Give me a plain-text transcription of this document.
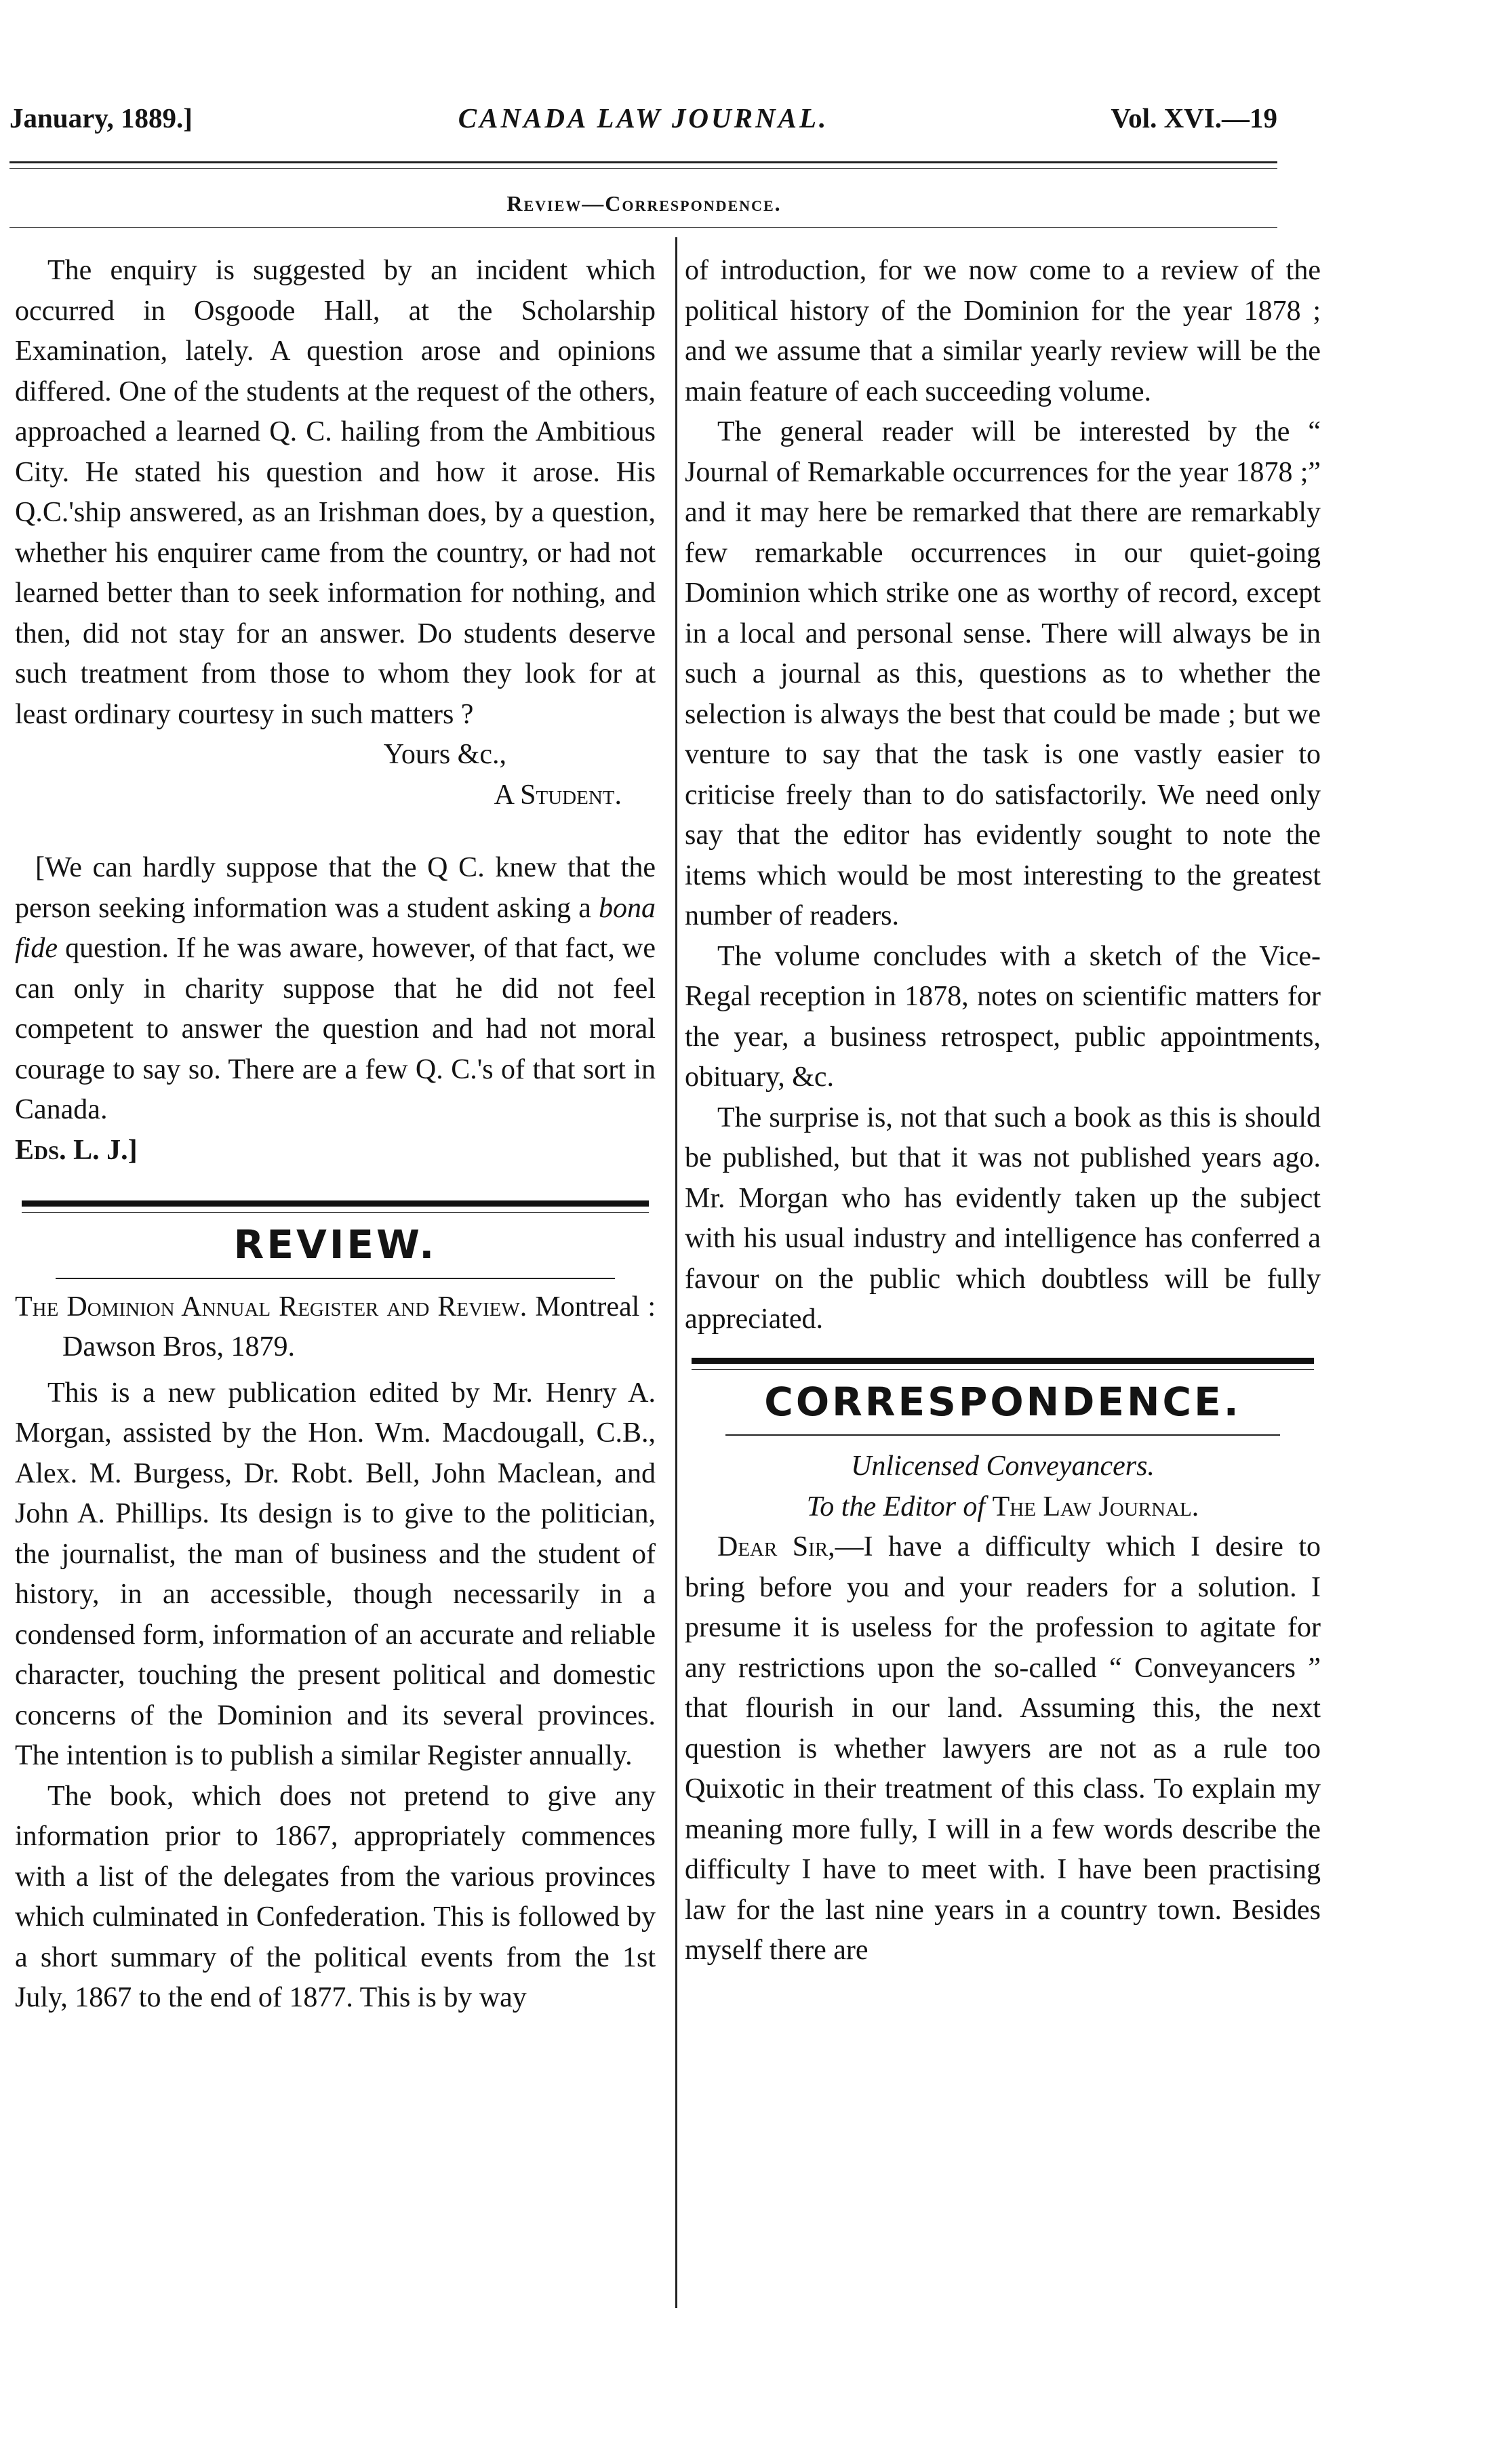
January, 1889.]	CANADA LAW JOURNAL.	Vol. XVI.—19
Review—Correspondence.

The enquiry is suggested by an incident which occurred in Osgoode Hall, at the Scholarship Examination, lately. A question arose and opinions differed. One of the students at the request of the others, approached a learned Q. C. hailing from the Ambitious City. He stated his question and how it arose. His Q.C.'ship answered, as an Irishman does, by a question, whether his enquirer came from the country, or had not learned better than to seek information for nothing, and then, did not stay for an answer. Do students deserve such treatment from those to whom they look for at least ordinary courtesy in such matters ?

Yours &c.,
A Student.

[We can hardly suppose that the Q C. knew that the person seeking information was a student asking a bona fide question. If he was aware, however, of that fact, we can only in charity suppose that he did not feel competent to answer the question and had not moral courage to say so. There are a few Q. C.'s of that sort in Canada.
Eds. L. J.]

REVIEW.

The Dominion Annual Register and Review. Montreal : Dawson Bros, 1879.

This is a new publication edited by Mr. Henry A. Morgan, assisted by the Hon. Wm. Macdougall, C.B., Alex. M. Burgess, Dr. Robt. Bell, John Maclean, and John A. Phillips. Its design is to give to the politician, the journalist, the man of business and the student of history, in an accessible, though necessarily in a condensed form, information of an accurate and reliable character, touching the present political and domestic concerns of the Dominion and its several provinces. The intention is to publish a similar Register annually.

The book, which does not pretend to give any information prior to 1867, appropriately commences with a list of the delegates from the various provinces which culminated in Confederation. This is followed by a short summary of the political events from the 1st July, 1867 to the end of 1877. This is by way

of introduction, for we now come to a review of the political history of the Dominion for the year 1878 ; and we assume that a similar yearly review will be the main feature of each succeeding volume.

The general reader will be interested by the “ Journal of Remarkable occurrences for the year 1878 ;” and it may here be remarked that there are remarkably few remarkable occurrences in our quiet-going Dominion which strike one as worthy of record, except in a local and personal sense. There will always be in such a journal as this, questions as to whether the selection is always the best that could be made ; but we venture to say that the task is one vastly easier to criticise freely than to do satisfactorily. We need only say that the editor has evidently sought to note the items which would be most interesting to the greatest number of readers.

The volume concludes with a sketch of the Vice-Regal reception in 1878, notes on scientific matters for the year, a business retrospect, public appointments, obituary, &c.

The surprise is, not that such a book as this is should be published, but that it was not published years ago. Mr. Morgan who has evidently taken up the subject with his usual industry and intelligence has conferred a favour on the public which doubtless will be fully appreciated.

CORRESPONDENCE.
Unlicensed Conveyancers.
To the Editor of The Law Journal.

Dear Sir,—I have a difficulty which I desire to bring before you and your readers for a solution. I presume it is useless for the profession to agitate for any restrictions upon the so-called “ Conveyancers ” that flourish in our land. Assuming this, the next question is whether lawyers are not as a rule too Quixotic in their treatment of this class. To explain my meaning more fully, I will in a few words describe the difficulty I have to meet with. I have been practising law for the last nine years in a country town. Besides myself there are
